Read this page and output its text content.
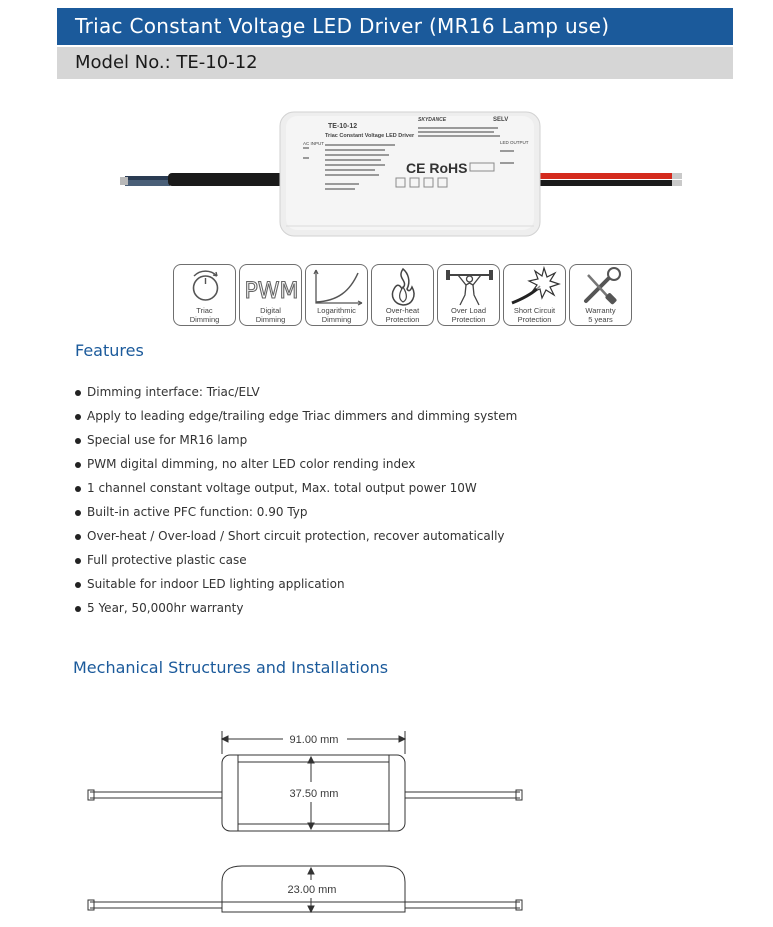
Triac Constant Voltage LED Driver (MR16 Lamp use)
Model No.: TE-10-12
TE-10-12
Triac Constant Voltage LED Driver
SKYDANCE	SELV
AC INPUT	LED OUTPUT
CE RoHS
Triac
Dimming
PWM
Digital
Dimming
Logarithmic
Dimming
Over-heat
Protection
Over Load
Protection
Short Circuit
Protection
Warranty
5 years
Features
Dimming interface: Triac/ELV
Apply to leading edge/trailing edge Triac dimmers and dimming system
Special use for MR16 lamp
PWM digital dimming, no alter LED color rending index
1 channel constant voltage output, Max. total output power 10W
Built-in active PFC function: 0.90 Typ
Over-heat / Over-load / Short circuit protection, recover automatically
Full protective plastic case
Suitable for indoor LED lighting application
5 Year, 50,000hr warranty
Mechanical Structures and Installations
91.00 mm
37.50 mm
23.00 mm
